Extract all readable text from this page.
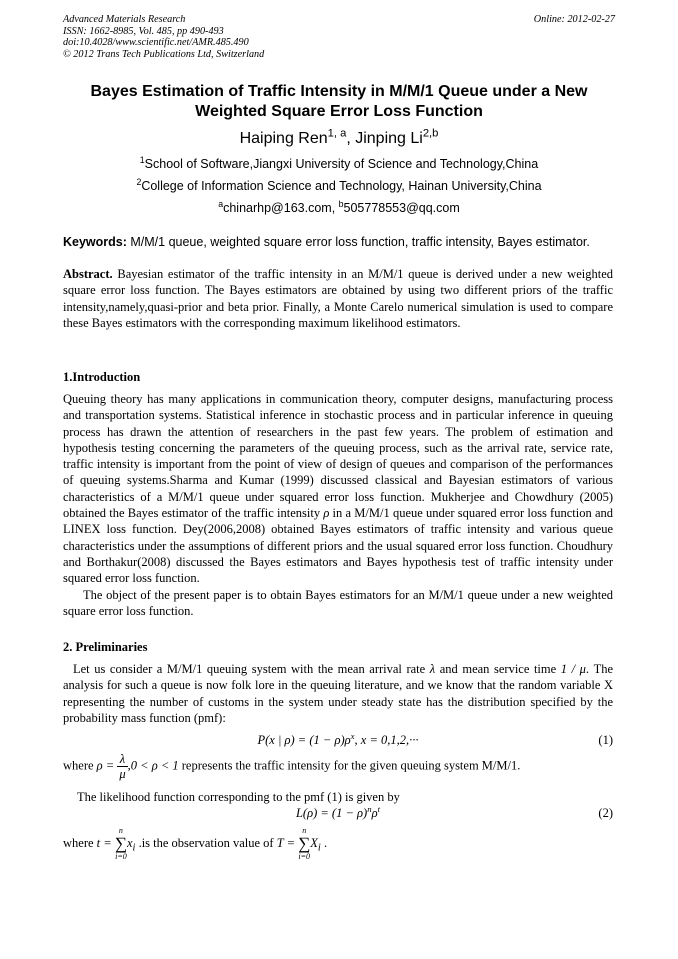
Advanced Materials Research
ISSN: 1662-8985, Vol. 485, pp 490-493
doi:10.4028/www.scientific.net/AMR.485.490
© 2012 Trans Tech Publications Ltd, Switzerland
Online: 2012-02-27
Bayes Estimation of Traffic Intensity in M/M/1 Queue under a New
Weighted Square Error Loss Function
Haiping Ren$^{1, a}$, Jinping Li$^{2,b}$
$^1$School of Software,Jiangxi University of Science and Technology,China
$^2$College of Information Science and Technology, Hainan University,China
$^a$chinarhp@163.com, $^b$505778553@qq.com
Keywords: M/M/1 queue, weighted square error loss function, traffic intensity, Bayes estimator.

Abstract. Bayesian estimator of the traffic intensity in an M/M/1 queue is derived under a new weighted square error loss function. The Bayes estimators are obtained by using two different priors of the traffic intensity,namely,quasi-prior and beta prior. Finally, a Monte Carelo numerical simulation is used to compare these Bayes estimators with the corresponding maximum likelihood estimators.

1.Introduction

Queuing theory has many applications in communication theory, computer designs, manufacturing process and transportation systems. Statistical inference in stochastic process and in particular inference in queuing process has drawn the attention of researchers in the past few years. The problem of estimation and hypothesis testing concerning the parameters of the queuing process, such as the arrival rate, service rate, traffic intensity is important from the point of view of design of queues and comparison of the performances of queuing systems.Sharma and Kumar (1999) discussed classical and Bayesian estimators of various characteristics of a M/M/1 queue under squared error loss function. Mukherjee and Chowdhury (2005) obtained the Bayes estimator of the traffic intensity ρ in a M/M/1 queue under squared error loss function and LINEX loss function. Dey(2006,2008) obtained Bayes estimators of traffic intensity and various queue characteristics under the assumptions of different priors and the usual squared error loss function. Choudhury and Borthakur(2008) discussed the Bayes estimators and Bayes hypothesis test of traffic intensity under squared error loss function.

The object of the present paper is to obtain Bayes estimators for an M/M/1 queue under a new weighted square error loss function.

2. Preliminaries

Let us consider a M/M/1 queuing system with the mean arrival rate λ and mean service time 1 / μ. The analysis for such a queue is now folk lore in the queuing literature, and we know that the random variable X representing the number of customs in the system under steady state has the distribution specified by the probability mass function (pmf):

P(x | $\rho) = (1 - \rho)\rho^x$, x = 0,1,2,···	(1)
where $\rho = \frac{\lambda}{\mu} ,0 < \rho < 1$ represents the traffic intensity for the given queuing system M/M/1.

The likelihood function corresponding to the pmf (1) is given by

$L(\rho) = (1 - \rho)^n\rho^t$	(2)
where t =
n
∑
i=0
$x_i$ .is the observation value of T =
n
∑
i=0
$X_i$ .
